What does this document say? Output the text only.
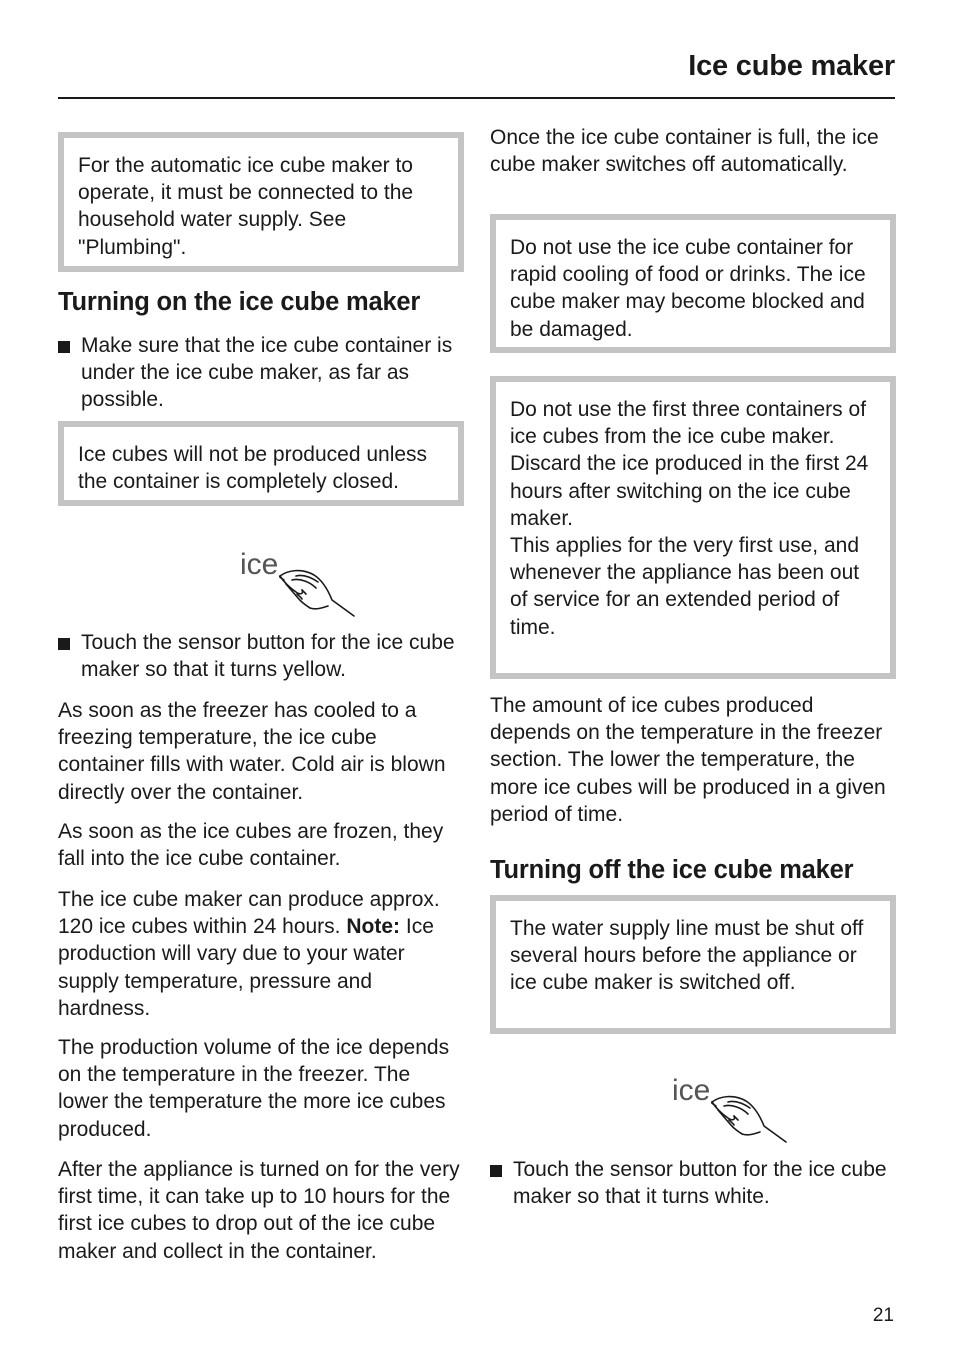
Ice cube maker

For the automatic ice cube maker to operate, it must be connected to the household water supply. See "Plumbing".

Turning on the ice cube maker
Make sure that the ice cube container is under the ice cube maker, as far as possible.

Ice cubes will not be produced unless the container is completely closed.

ice
Touch the sensor button for the ice cube maker so that it turns yellow.

As soon as the freezer has cooled to a freezing temperature, the ice cube container fills with water. Cold air is blown directly over the container.

As soon as the ice cubes are frozen, they fall into the ice cube container.

The ice cube maker can produce approx. 120 ice cubes within 24 hours. Note: Ice production will vary due to your water supply temperature, pressure and hardness.

The production volume of the ice depends on the temperature in the freezer. The lower the temperature the more ice cubes produced.

After the appliance is turned on for the very first time, it can take up to 10 hours for the first ice cubes to drop out of the ice cube maker and collect in the container.

Once the ice cube container is full, the ice cube maker switches off automatically.

Do not use the ice cube container for rapid cooling of food or drinks. The ice cube maker may become blocked and be damaged.

Do not use the first three containers of ice cubes from the ice cube maker.

Discard the ice produced in the first 24 hours after switching on the ice cube maker.

This applies for the very first use, and whenever the appliance has been out of service for an extended period of time.

The amount of ice cubes produced depends on the temperature in the freezer section. The lower the temperature, the more ice cubes will be produced in a given period of time.

Turning off the ice cube maker

The water supply line must be shut off several hours before the appliance or ice cube maker is switched off.

ice
Touch the sensor button for the ice cube maker so that it turns white.

21
